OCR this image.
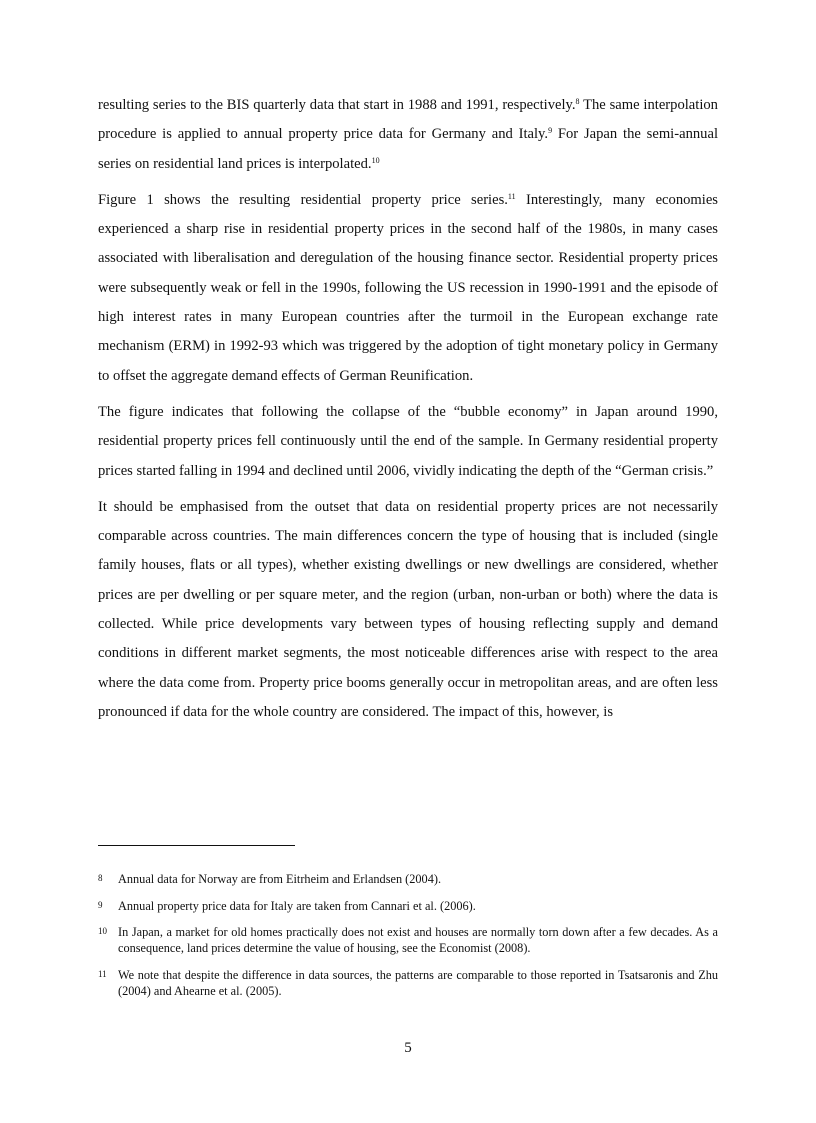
resulting series to the BIS quarterly data that start in 1988 and 1991, respectively.$^8$ The same interpolation procedure is applied to annual property price data for Germany and Italy.$^9$ For Japan the semi-annual series on residential land prices is interpolated.$^{10}$

Figure 1 shows the resulting residential property price series.$^{11}$ Interestingly, many economies experienced a sharp rise in residential property prices in the second half of the 1980s, in many cases associated with liberalisation and deregulation of the housing finance sector. Residential property prices were subsequently weak or fell in the 1990s, following the US recession in 1990-1991 and the episode of high interest rates in many European countries after the turmoil in the European exchange rate mechanism (ERM) in 1992-93 which was triggered by the adoption of tight monetary policy in Germany to offset the aggregate demand effects of German Reunification.

The figure indicates that following the collapse of the “bubble economy” in Japan around 1990, residential property prices fell continuously until the end of the sample. In Germany residential property prices started falling in 1994 and declined until 2006, vividly indicating the depth of the “German crisis.”

It should be emphasised from the outset that data on residential property prices are not necessarily comparable across countries. The main differences concern the type of housing that is included (single family houses, flats or all types), whether existing dwellings or new dwellings are considered, whether prices are per dwelling or per square meter, and the region (urban, non-urban or both) where the data is collected. While price developments vary between types of housing reflecting supply and demand conditions in different market segments, the most noticeable differences arise with respect to the area where the data come from. Property price booms generally occur in metropolitan areas, and are often less pronounced if data for the whole country are considered. The impact of this, however, is

8 Annual data for Norway are from Eitrheim and Erlandsen (2004).
9 Annual property price data for Italy are taken from Cannari et al. (2006).
10 In Japan, a market for old homes practically does not exist and houses are normally torn down after a few decades. As a consequence, land prices determine the value of housing, see the Economist (2008).
11 We note that despite the difference in data sources, the patterns are comparable to those reported in Tsatsaronis and Zhu (2004) and Ahearne et al. (2005).
5
